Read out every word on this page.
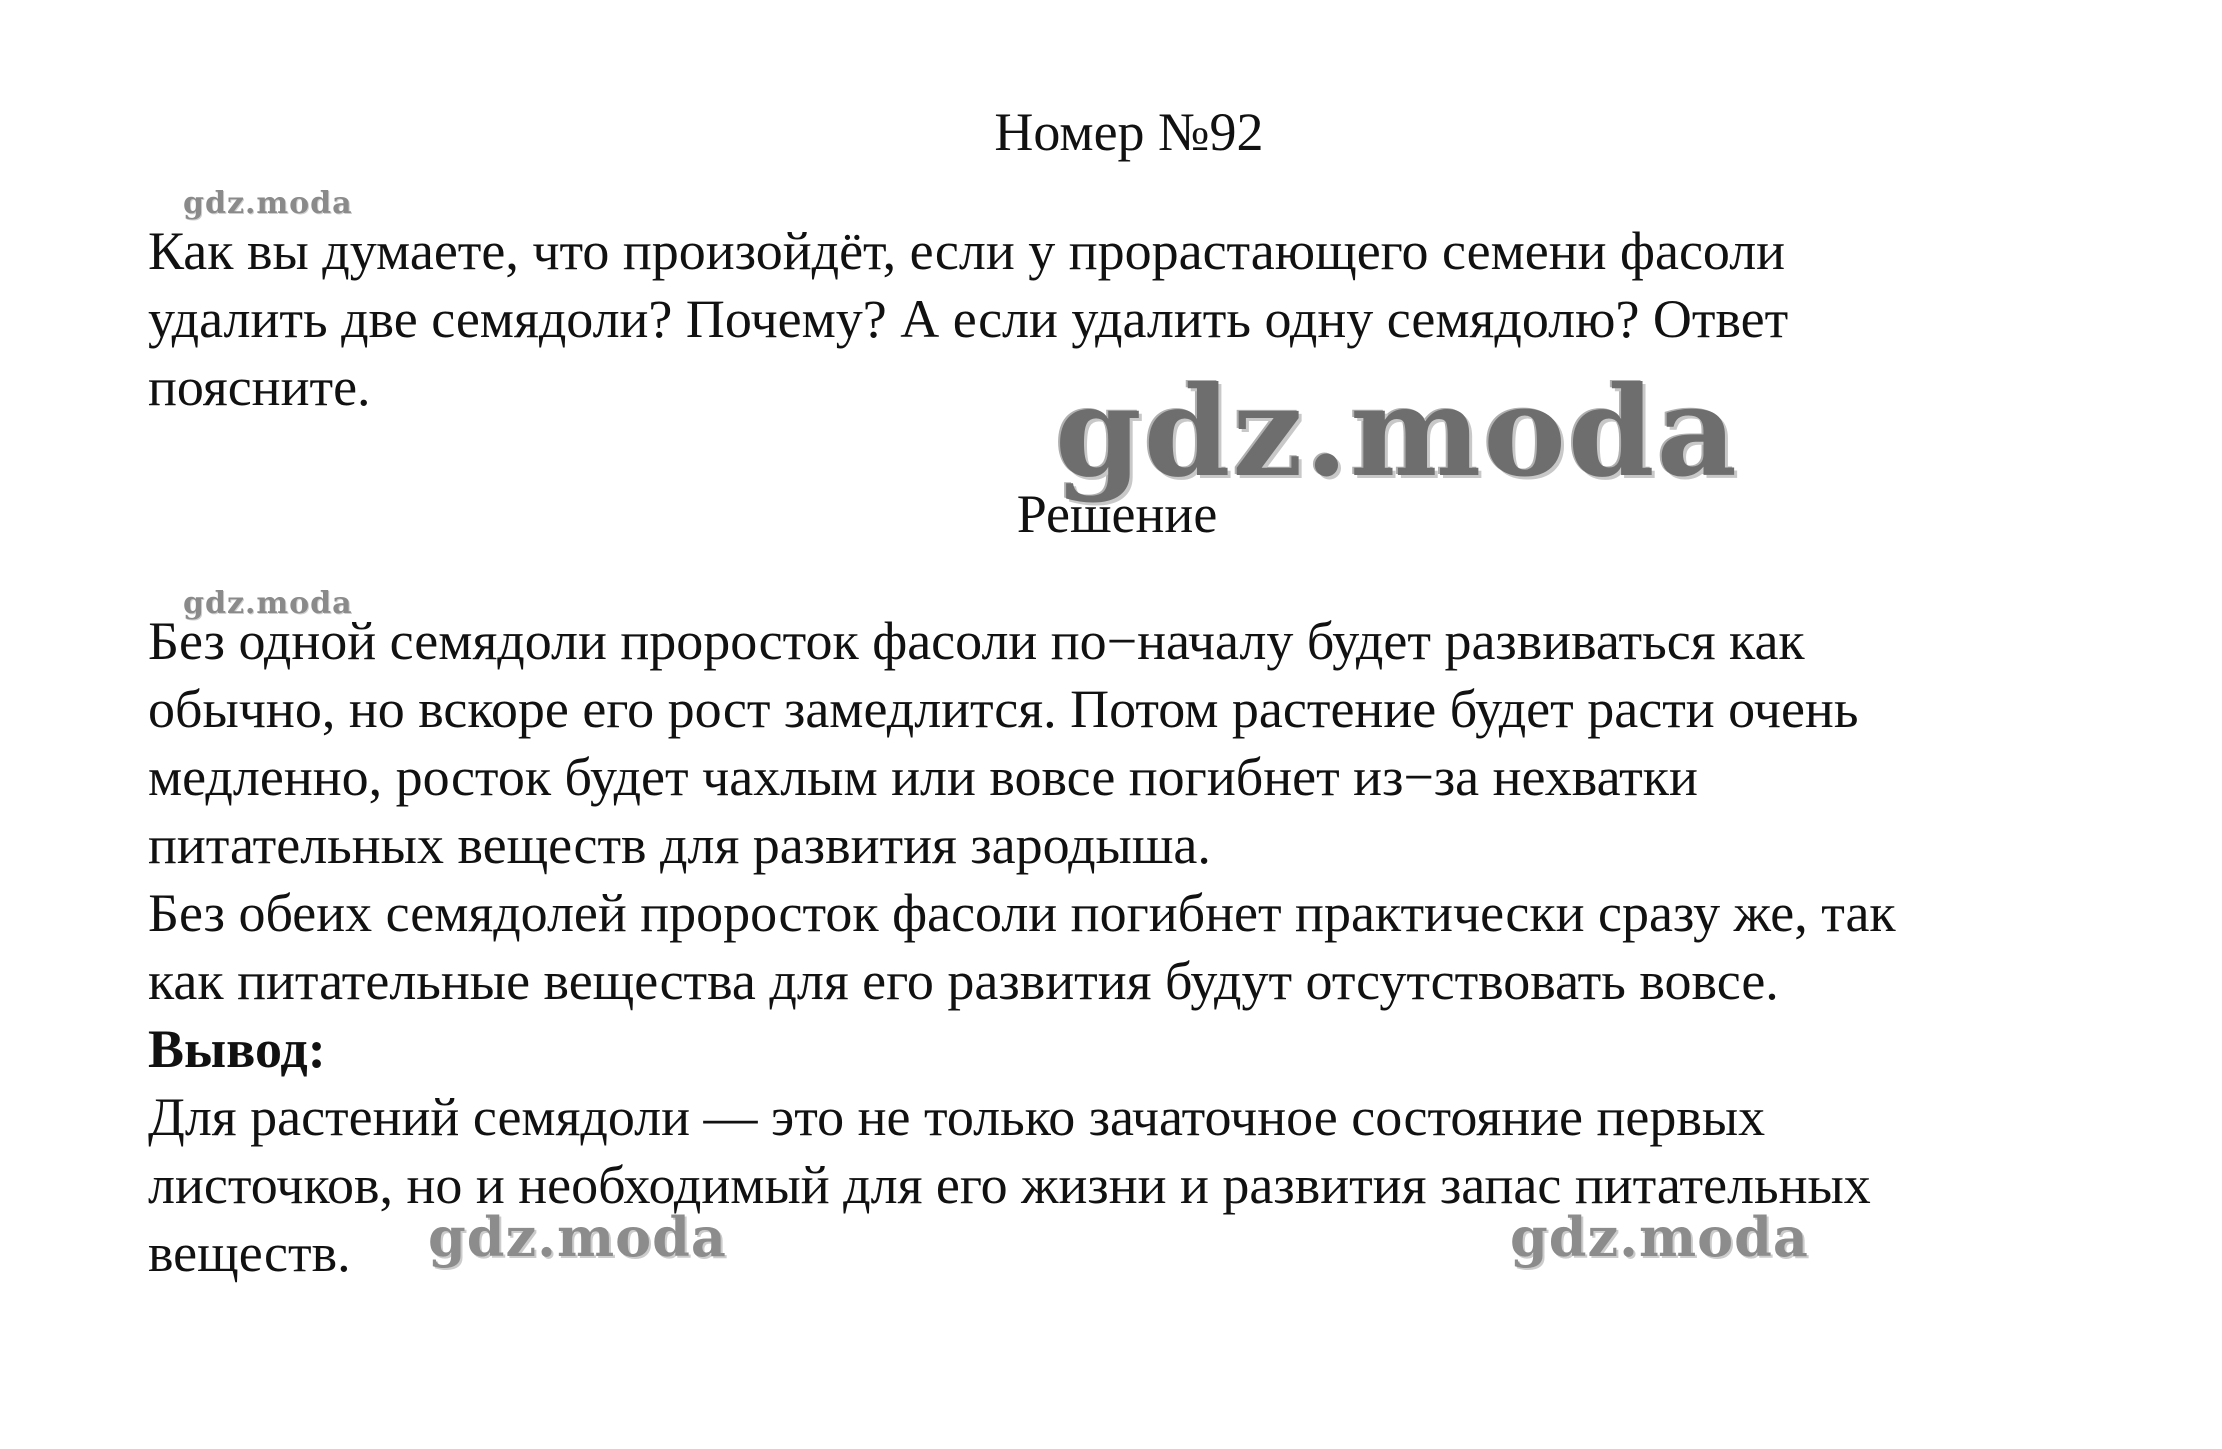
Номер №92
gdz.moda
Как вы думаете, что произойдёт, если у прорастающего семени фасоли
удалить две семядоли? Почему? А если удалить одну семядолю? Ответ
поясните.	gdz.moda
Решение
gdz.moda
Без одной семядоли проросток фасоли по−началу будет развиваться как
обычно, но вскоре его рост замедлится. Потом растение будет расти очень
медленно, росток будет чахлым или вовсе погибнет из−за нехватки
питательных веществ для развития зародыша.
Без обеих семядолей проросток фасоли погибнет практически сразу же, так
как питательные вещества для его развития будут отсутствовать вовсе.
Вывод:
Для растений семядоли — это не только зачаточное состояние первых
листочков, но и необходимый для его жизни и развития запас питательных
веществ.	gdz.moda	gdz.moda
